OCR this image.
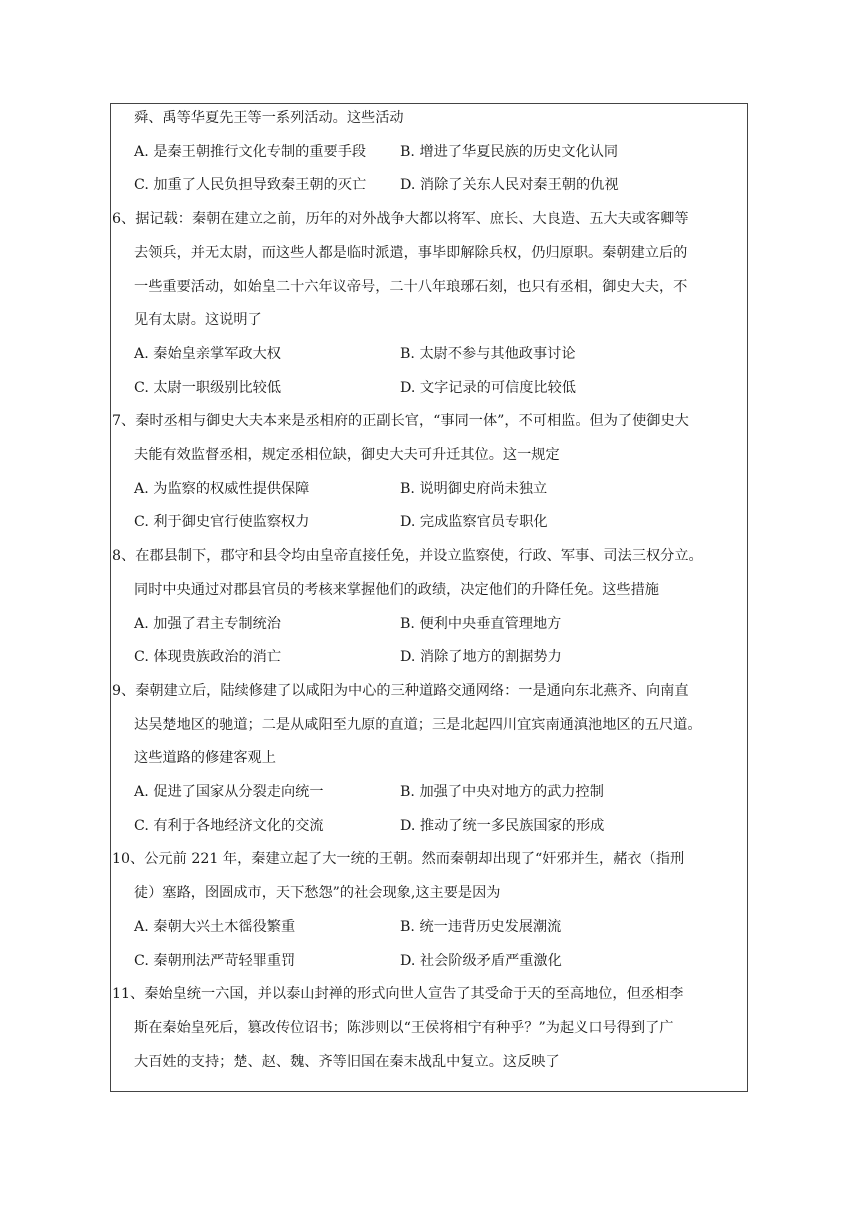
舜、禹等华夏先王等一系列活动。这些活动
A. 是秦王朝推行文化专制的重要手段 B. 增进了华夏民族的历史文化认同
C. 加重了人民负担导致秦王朝的灭亡 D. 消除了关东人民对秦王朝的仇视
6、据记载：秦朝在建立之前，历年的对外战争大都以将军、庶长、大良造、五大夫或客卿等
去领兵，并无太尉，而这些人都是临时派遣，事毕即解除兵权，仍归原职。秦朝建立后的
一些重要活动，如始皇二十六年议帝号，二十八年琅琊石刻，也只有丞相，御史大夫，不
见有太尉。这说明了
A. 秦始皇亲掌军政大权	B. 太尉不参与其他政事讨论
C. 太尉一职级别比较低	D. 文字记录的可信度比较低
7、秦时丞相与御史大夫本来是丞相府的正副长官，“事同一体”，不可相监。但为了使御史大
夫能有效监督丞相，规定丞相位缺，御史大夫可升迁其位。这一规定
A. 为监察的权威性提供保障	B. 说明御史府尚未独立
C. 利于御史官行使监察权力	D. 完成监察官员专职化
8、在郡县制下，郡守和县令均由皇帝直接任免，并设立监察使，行政、军事、司法三权分立。
同时中央通过对郡县官员的考核来掌握他们的政绩，决定他们的升降任免。这些措施
A. 加强了君主专制统治	B. 便利中央垂直管理地方
C. 体现贵族政治的消亡	D. 消除了地方的割据势力
9、秦朝建立后，陆续修建了以咸阳为中心的三种道路交通网络：一是通向东北燕齐、向南直
达吴楚地区的驰道；二是从咸阳至九原的直道；三是北起四川宜宾南通滇池地区的五尺道。
这些道路的修建客观上
A. 促进了国家从分裂走向统一	B. 加强了中央对地方的武力控制
C. 有利于各地经济文化的交流	D. 推动了统一多民族国家的形成
10、公元前 221 年，秦建立起了大一统的王朝。然而秦朝却出现了“奸邪并生，赭衣（指刑
徒）塞路，囹圄成市，天下愁怨”的社会现象,这主要是因为
A. 秦朝大兴土木徭役繁重	B. 统一违背历史发展潮流
C. 秦朝刑法严苛轻罪重罚	D. 社会阶级矛盾严重激化
11、秦始皇统一六国，并以泰山封禅的形式向世人宣告了其受命于天的至高地位，但丞相李
斯在秦始皇死后，篡改传位诏书；陈涉则以“王侯将相宁有种乎？”为起义口号得到了广
大百姓的支持；楚、赵、魏、齐等旧国在秦末战乱中复立。这反映了
